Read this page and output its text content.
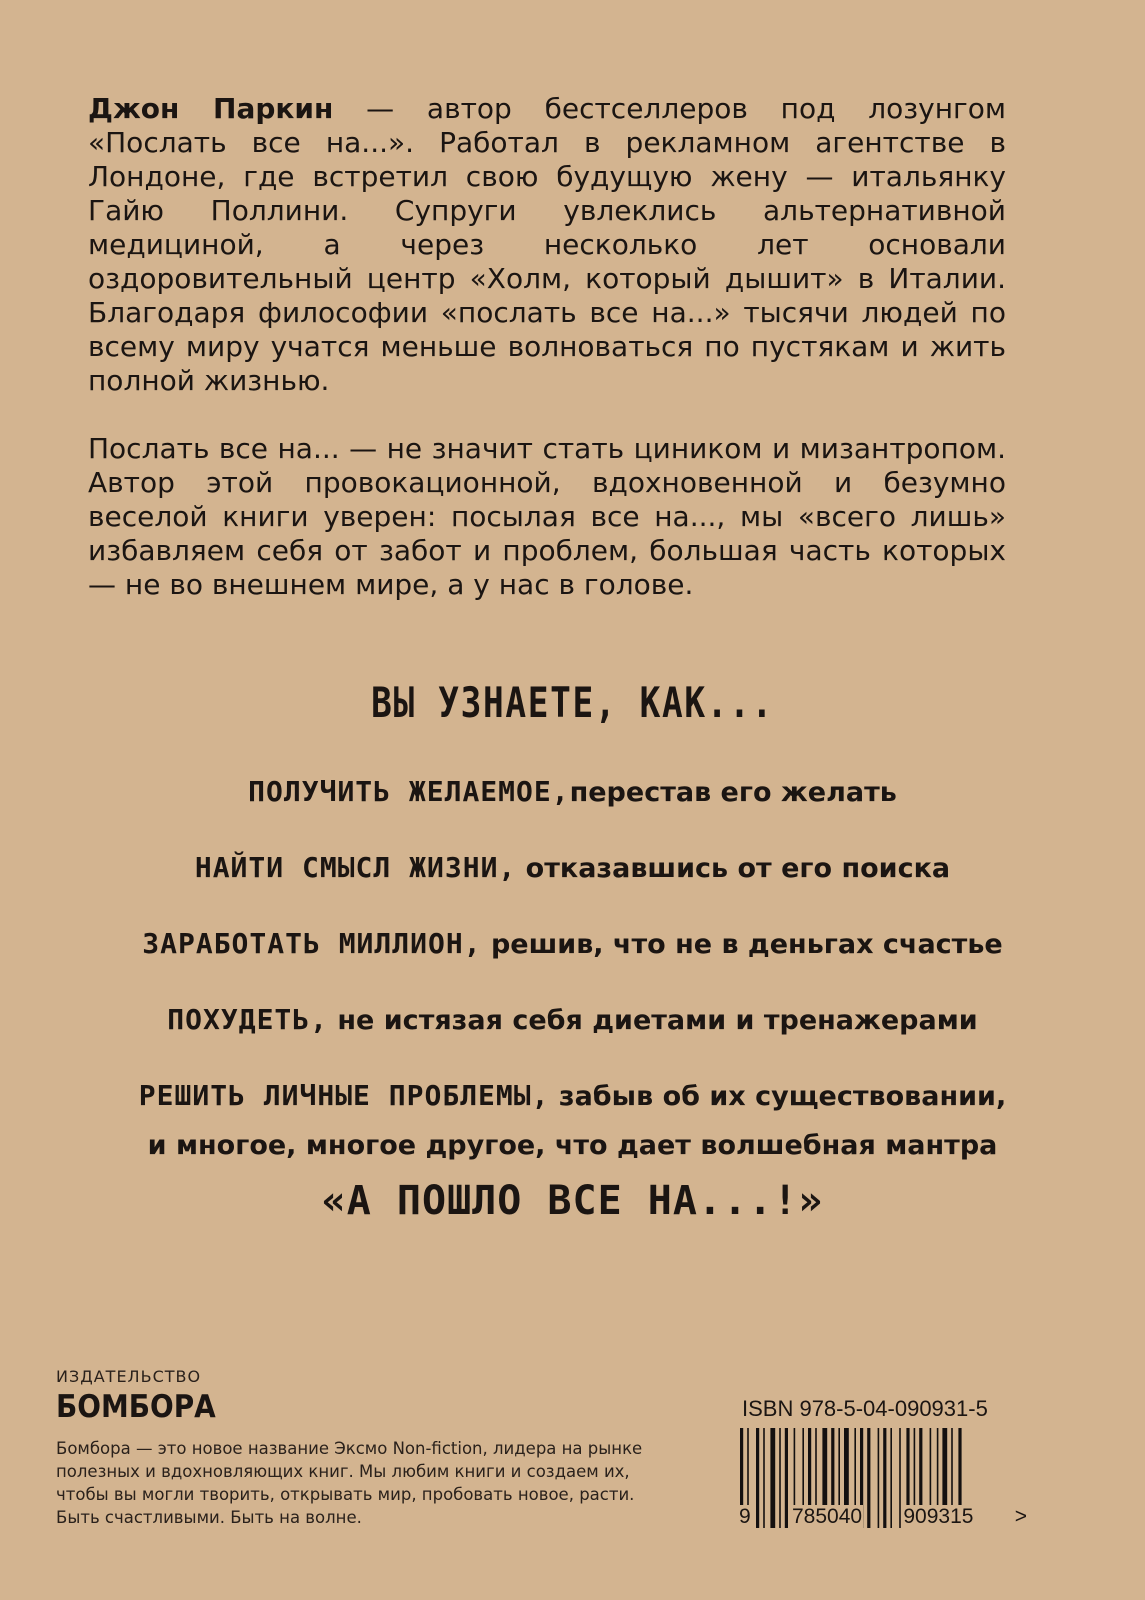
Джон Паркин — автор бестселлеров под лозунгом «Послать все на...». Работал в рекламном агентстве в Лондоне, где встретил свою будущую жену — итальянку Гайю Поллини. Супруги увлеклись альтернативной медициной, а через несколько лет основали оздоровительный центр «Холм, который дышит» в Италии. Благодаря философии «послать все на...» тысячи людей по всему миру учатся меньше волноваться по пустякам и жить полной жизнью.

Послать все на... — не значит стать циником и мизантропом. Автор этой провокационной, вдохновенной и безумно веселой книги уверен: посылая все на..., мы «всего лишь» избавляем себя от забот и проблем, большая часть которых — не во внешнем мире, а у нас в голове.

ВЫ УЗНАЕТЕ, КАК...
ПОЛУЧИТЬ ЖЕЛАЕМОЕ,перестав его желать
НАЙТИ СМЫСЛ ЖИЗНИ, отказавшись от его поиска
ЗАРАБОТАТЬ МИЛЛИОН, решив, что не в деньгах счастье
ПОХУДЕТЬ, не истязая себя диетами и тренажерами
РЕШИТЬ ЛИЧНЫЕ ПРОБЛЕМЫ, забыв об их существовании,
и многое, многое другое, что дает волшебная мантра
«А ПОШЛО ВСЕ НА...!»
ИЗДАТЕЛЬСТВО
БОМБОРА
Бомбора — это новое название Эксмо Non-fiction, лидера на рынке полезных и вдохновляющих книг. Мы любим книги и создаем их, чтобы вы могли творить, открывать мир, пробовать новое, расти. Быть счастливыми. Быть на волне.
ISBN 978-5-04-090931-5
9 785040 909315 >
